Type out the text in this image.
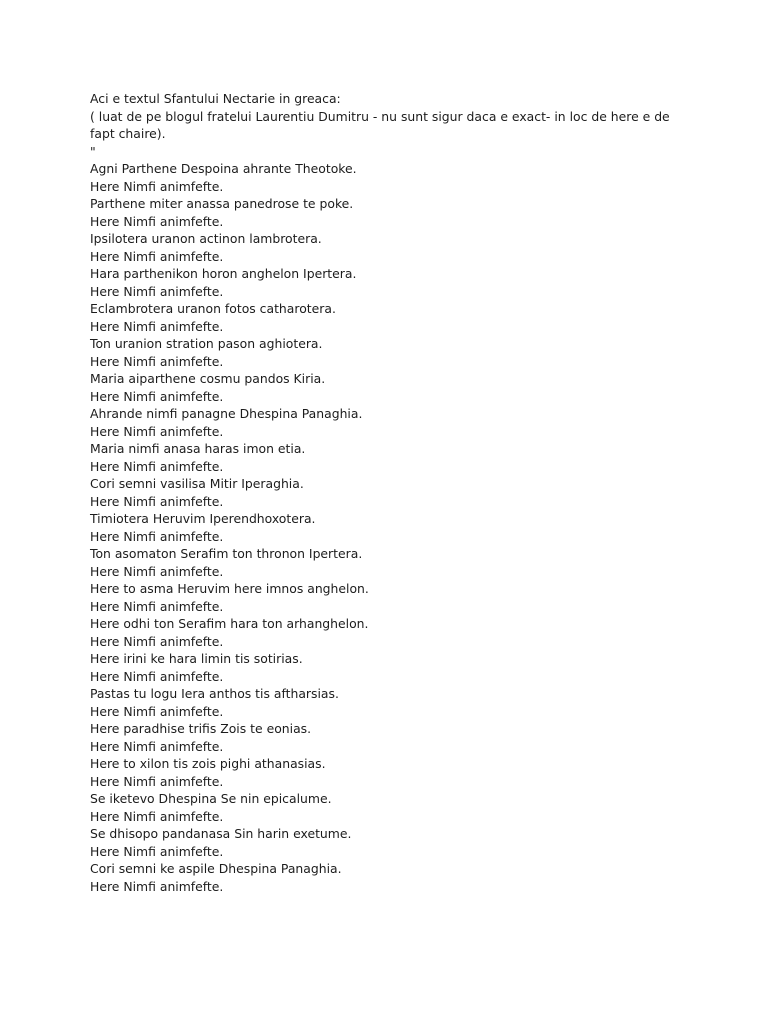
Aci e textul Sfantului Nectarie in greaca:
( luat de pe blogul fratelui Laurentiu Dumitru - nu sunt sigur daca e exact- in loc de here e de fapt chaire).
"
Agni Parthene Despoina ahrante Theotoke.
Here Nimfi animfefte.
Parthene miter anassa panedrose te poke.
Here Nimfi animfefte.
Ipsilotera uranon actinon lambrotera.
Here Nimfi animfefte.
Hara parthenikon horon anghelon Ipertera.
Here Nimfi animfefte.
Eclambrotera uranon fotos catharotera.
Here Nimfi animfefte.
Ton uranion stration pason aghiotera.
Here Nimfi animfefte.
Maria aiparthene cosmu pandos Kiria.
Here Nimfi animfefte.
Ahrande nimfi panagne Dhespina Panaghia.
Here Nimfi animfefte.
Maria nimfi anasa haras imon etia.
Here Nimfi animfefte.
Cori semni vasilisa Mitir Iperaghia.
Here Nimfi animfefte.
Timiotera Heruvim Iperendhoxotera.
Here Nimfi animfefte.
Ton asomaton Serafim ton thronon Ipertera.
Here Nimfi animfefte.
Here to asma Heruvim here imnos anghelon.
Here Nimfi animfefte.
Here odhi ton Serafim hara ton arhanghelon.
Here Nimfi animfefte.
Here irini ke hara limin tis sotirias.
Here Nimfi animfefte.
Pastas tu logu Iera anthos tis aftharsias.
Here Nimfi animfefte.
Here paradhise trifis Zois te eonias.
Here Nimfi animfefte.
Here to xilon tis zois pighi athanasias.
Here Nimfi animfefte.
Se iketevo Dhespina Se nin epicalume.
Here Nimfi animfefte.
Se dhisopo pandanasa Sin harin exetume.
Here Nimfi animfefte.
Cori semni ke aspile Dhespina Panaghia.
Here Nimfi animfefte.
